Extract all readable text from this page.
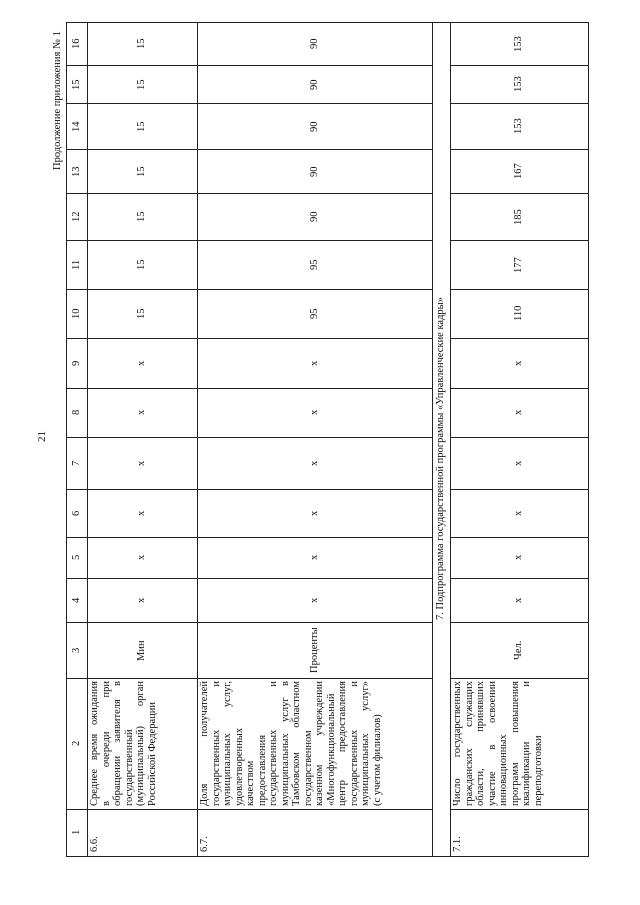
21
Продолжение приложения № 1
1
2
3
4
5
6
7
8
9
10
11
12
13
14
15
16
6.6.
Среднее время ожидания в очереди при обращении заявителя в государственный (муниципальный) орган Российской Федерации
Мин
x
x
x
x
x
x
15
15
15
15
15
15
15
6.7.
Доля получателей государственных и муниципальных услуг, удовлетворенных качеством предоставления государственных и муниципальных услуг в Тамбовском областном государственном казенном учреждении «Многофункциональный центр предоставления государственных и муниципальных услуг» (с учетом филиалов)
Проценты
x
x
x
x
x
x
95
95
90
90
90
90
90
7.1.
Число государственных гражданских служащих области, принявших участие в освоении инновационных программ повышения квалификации и переподготовки
Чел.
x
x
x
x
x
x
110
177
185
167
153
153
153
7. Подпрограмма государственной программы «Управленческие кадры»
